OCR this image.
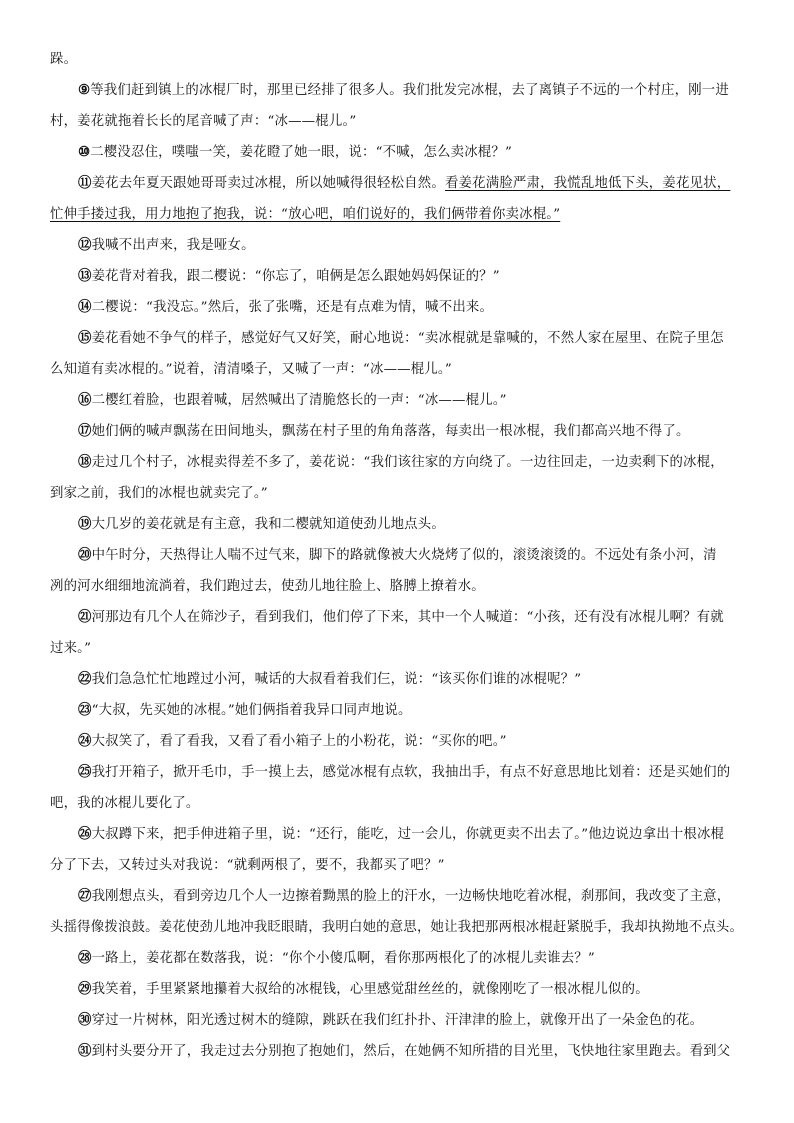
跺。
⑨等我们赶到镇上的冰棍厂时，那里已经排了很多人。我们批发完冰棍，去了离镇子不远的一个村庄，刚一进
村，姜花就拖着长长的尾音喊了声：“冰——棍儿。”
⑩二樱没忍住，噗嗤一笑，姜花瞪了她一眼，说：“不喊，怎么卖冰棍？”
⑪姜花去年夏天跟她哥哥卖过冰棍，所以她喊得很轻松自然。看姜花满脸严肃，我慌乱地低下头，姜花见状，
忙伸手搂过我，用力地抱了抱我，说：“放心吧，咱们说好的，我们俩带着你卖冰棍。”
⑫我喊不出声来，我是哑女。
⑬姜花背对着我，跟二樱说：“你忘了，咱俩是怎么跟她妈妈保证的？”
⑭二樱说：“我没忘。”然后，张了张嘴，还是有点难为情，喊不出来。
⑮姜花看她不争气的样子，感觉好气又好笑，耐心地说：“卖冰棍就是靠喊的，不然人家在屋里、在院子里怎
么知道有卖冰棍的。”说着，清清嗓子，又喊了一声：“冰——棍儿。”
⑯二樱红着脸，也跟着喊，居然喊出了清脆悠长的一声：“冰——棍儿。”
⑰她们俩的喊声飘荡在田间地头，飘荡在村子里的角角落落，每卖出一根冰棍，我们都高兴地不得了。
⑱走过几个村子，冰棍卖得差不多了，姜花说：“我们该往家的方向绕了。一边往回走，一边卖剩下的冰棍，
到家之前，我们的冰棍也就卖完了。”
⑲大几岁的姜花就是有主意，我和二樱就知道使劲儿地点头。
⑳中午时分，天热得让人喘不过气来，脚下的路就像被大火烧烤了似的，滚烫滚烫的。不远处有条小河，清
冽的河水细细地流淌着，我们跑过去，使劲儿地往脸上、胳膊上撩着水。
㉑河那边有几个人在筛沙子，看到我们，他们停了下来，其中一个人喊道：“小孩，还有没有冰棍儿啊？有就
过来。”
㉒我们急急忙忙地蹚过小河，喊话的大叔看着我们仨，说：“该买你们谁的冰棍呢？”
㉓“大叔，先买她的冰棍。”她们俩指着我异口同声地说。
㉔大叔笑了，看了看我，又看了看小箱子上的小粉花，说：“买你的吧。”
㉕我打开箱子，掀开毛巾，手一摸上去，感觉冰棍有点软，我抽出手，有点不好意思地比划着：还是买她们的
吧，我的冰棍儿要化了。
㉖大叔蹲下来，把手伸进箱子里，说：“还行，能吃，过一会儿，你就更卖不出去了。”他边说边拿出十根冰棍
分了下去，又转过头对我说：“就剩两根了，要不，我都买了吧？”
㉗我刚想点头，看到旁边几个人一边擦着黝黑的脸上的汗水，一边畅快地吃着冰棍，刹那间，我改变了主意，
头摇得像拨浪鼓。姜花使劲儿地冲我眨眼睛，我明白她的意思，她让我把那两根冰棍赶紧脱手，我却执拗地不点头。
㉘一路上，姜花都在数落我，说：“你个小傻瓜啊，看你那两根化了的冰棍儿卖谁去？”
㉙我笑着，手里紧紧地攥着大叔给的冰棍钱，心里感觉甜丝丝的，就像刚吃了一根冰棍儿似的。
㉚穿过一片树林，阳光透过树木的缝隙，跳跃在我们红扑扑、汗津津的脸上，就像开出了一朵金色的花。
㉛到村头要分开了，我走过去分别抱了抱她们，然后，在她俩不知所措的目光里，飞快地往家里跑去。看到父
